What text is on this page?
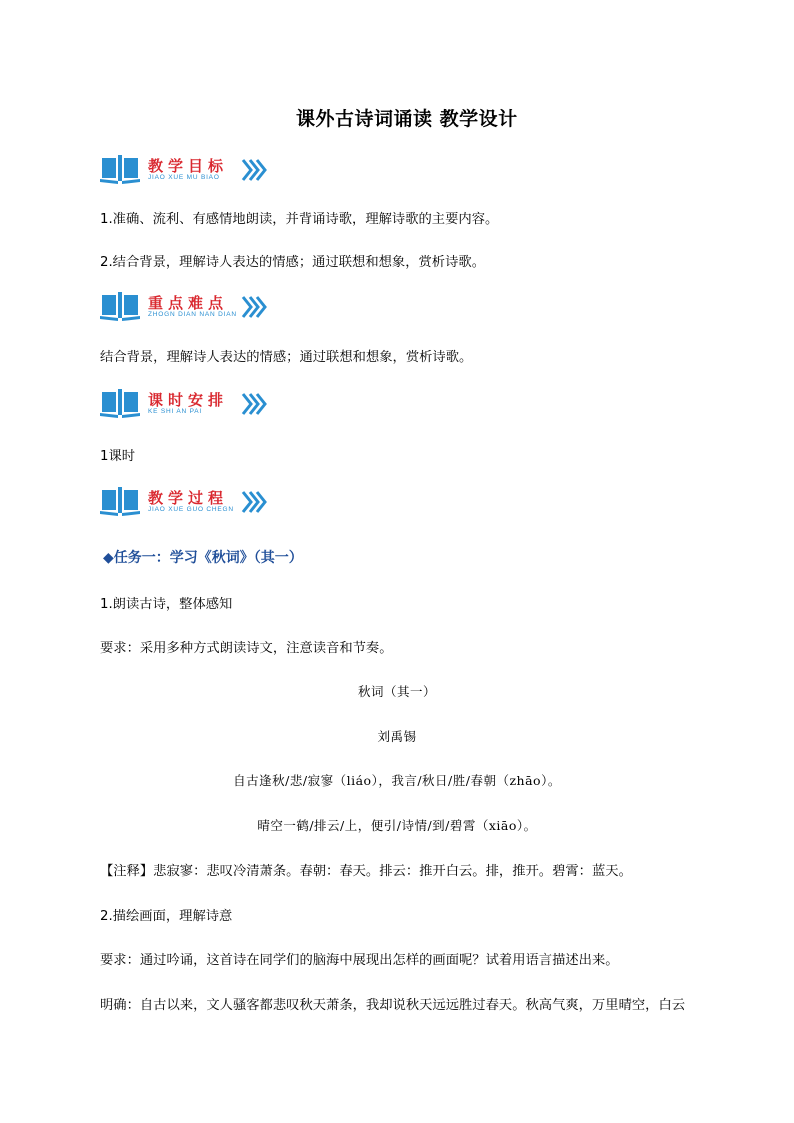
课外古诗词诵读 教学设计
教学目标
JIAO XUE MU BIAO
1.准确、流利、有感情地朗读，并背诵诗歌，理解诗歌的主要内容。
2.结合背景，理解诗人表达的情感；通过联想和想象，赏析诗歌。
重点难点
ZHOGN DIAN NAN DIAN
结合背景，理解诗人表达的情感；通过联想和想象，赏析诗歌。
课时安排
KE SHI AN PAI
1课时
教学过程
JIAO XUE GUO CHEGN
◆任务一：学习《秋词》（其一）
1.朗读古诗，整体感知
要求：采用多种方式朗读诗文，注意读音和节奏。
秋词（其一）
刘禹锡
自古逢秋/悲/寂寥（liáo），我言/秋日/胜/春朝（zhāo）。
晴空一鹤/排云/上，便引/诗情/到/碧霄（xiāo）。
【注释】悲寂寥：悲叹冷清萧条。春朝：春天。排云：推开白云。排，推开。碧霄：蓝天。
2.描绘画面，理解诗意
要求：通过吟诵，这首诗在同学们的脑海中展现出怎样的画面呢？试着用语言描述出来。
明确：自古以来，文人骚客都悲叹秋天萧条，我却说秋天远远胜过春天。秋高气爽，万里晴空，白云
